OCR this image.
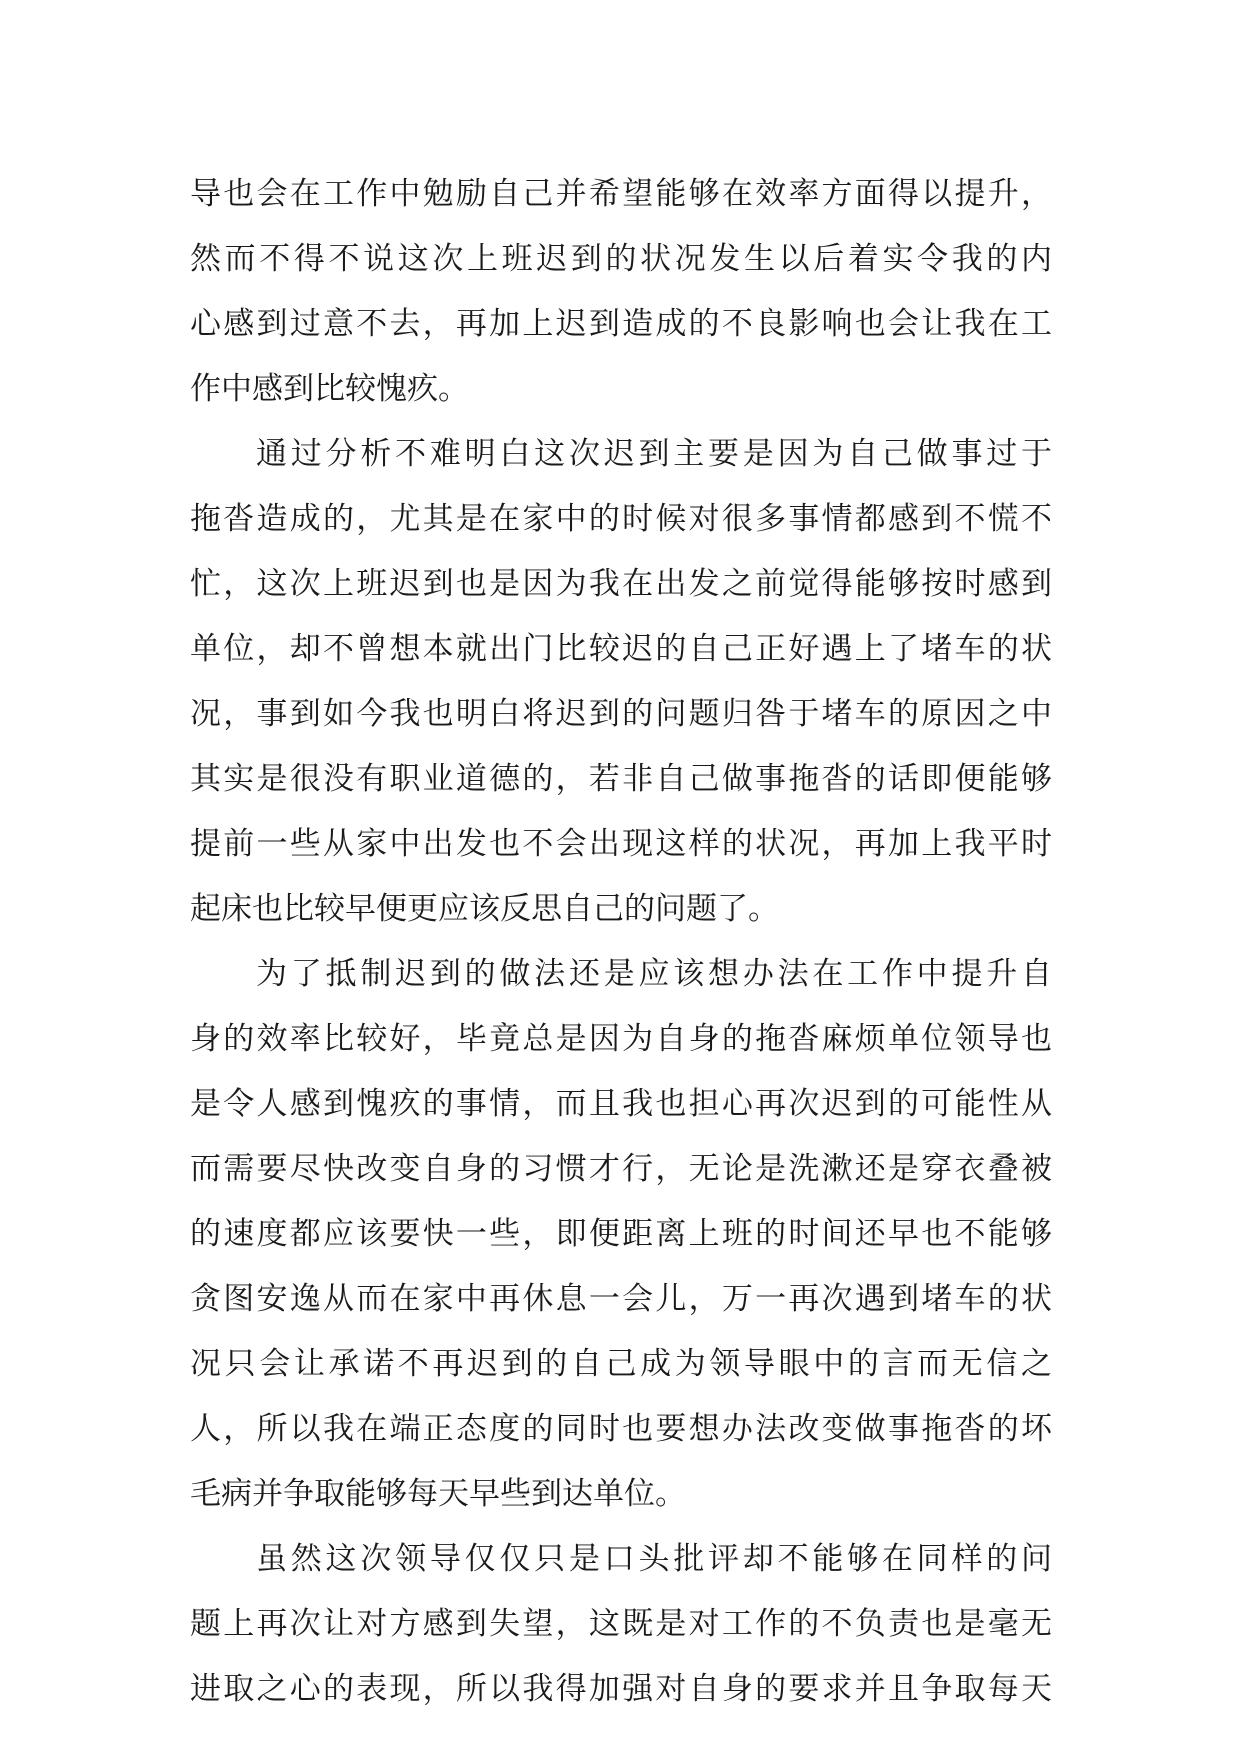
导也会在工作中勉励自己并希望能够在效率方面得以提升，
然而不得不说这次上班迟到的状况发生以后着实令我的内
心感到过意不去，再加上迟到造成的不良影响也会让我在工
作中感到比较愧疚。
通过分析不难明白这次迟到主要是因为自己做事过于
拖沓造成的，尤其是在家中的时候对很多事情都感到不慌不
忙，这次上班迟到也是因为我在出发之前觉得能够按时感到
单位，却不曾想本就出门比较迟的自己正好遇上了堵车的状
况，事到如今我也明白将迟到的问题归咎于堵车的原因之中
其实是很没有职业道德的，若非自己做事拖沓的话即便能够
提前一些从家中出发也不会出现这样的状况，再加上我平时
起床也比较早便更应该反思自己的问题了。
为了抵制迟到的做法还是应该想办法在工作中提升自
身的效率比较好，毕竟总是因为自身的拖沓麻烦单位领导也
是令人感到愧疚的事情，而且我也担心再次迟到的可能性从
而需要尽快改变自身的习惯才行，无论是洗漱还是穿衣叠被
的速度都应该要快一些，即便距离上班的时间还早也不能够
贪图安逸从而在家中再休息一会儿，万一再次遇到堵车的状
况只会让承诺不再迟到的自己成为领导眼中的言而无信之
人，所以我在端正态度的同时也要想办法改变做事拖沓的坏
毛病并争取能够每天早些到达单位。
虽然这次领导仅仅只是口头批评却不能够在同样的问
题上再次让对方感到失望，这既是对工作的不负责也是毫无
进取之心的表现，所以我得加强对自身的要求并且争取每天
